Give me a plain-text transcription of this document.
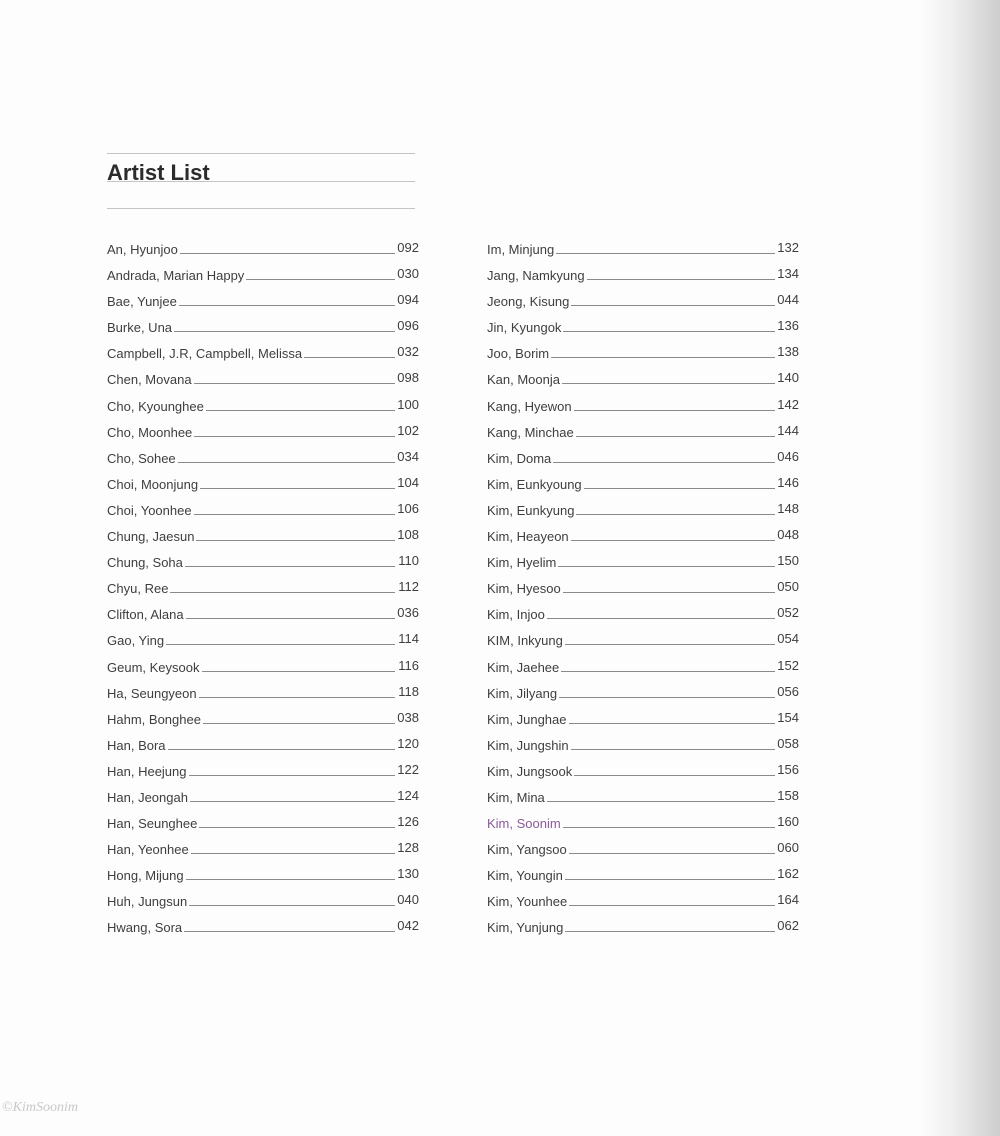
Artist List
An, Hyunjoo	092
Andrada, Marian Happy	030
Bae, Yunjee	094
Burke, Una	096
Campbell, J.R, Campbell, Melissa	032
Chen, Movana	098
Cho, Kyounghee	100
Cho, Moonhee	102
Cho, Sohee	034
Choi, Moonjung	104
Choi, Yoonhee	106
Chung, Jaesun	108
Chung, Soha	110
Chyu, Ree	112
Clifton, Alana	036
Gao, Ying	114
Geum, Keysook	116
Ha, Seungyeon	118
Hahm, Bonghee	038
Han, Bora	120
Han, Heejung	122
Han, Jeongah	124
Han, Seunghee	126
Han, Yeonhee	128
Hong, Mijung	130
Huh, Jungsun	040
Hwang, Sora	042
Im, Minjung	132
Jang, Namkyung	134
Jeong, Kisung	044
Jin, Kyungok	136
Joo, Borim	138
Kan, Moonja	140
Kang, Hyewon	142
Kang, Minchae	144
Kim, Doma	046
Kim, Eunkyoung	146
Kim, Eunkyung	148
Kim, Heayeon	048
Kim, Hyelim	150
Kim, Hyesoo	050
Kim, Injoo	052
KIM, Inkyung	054
Kim, Jaehee	152
Kim, Jilyang	056
Kim, Junghae	154
Kim, Jungshin	058
Kim, Jungsook	156
Kim, Mina	158
Kim, Soonim	160
Kim, Yangsoo	060
Kim, Youngin	162
Kim, Younhee	164
Kim, Yunjung	062
©KimSoonim
